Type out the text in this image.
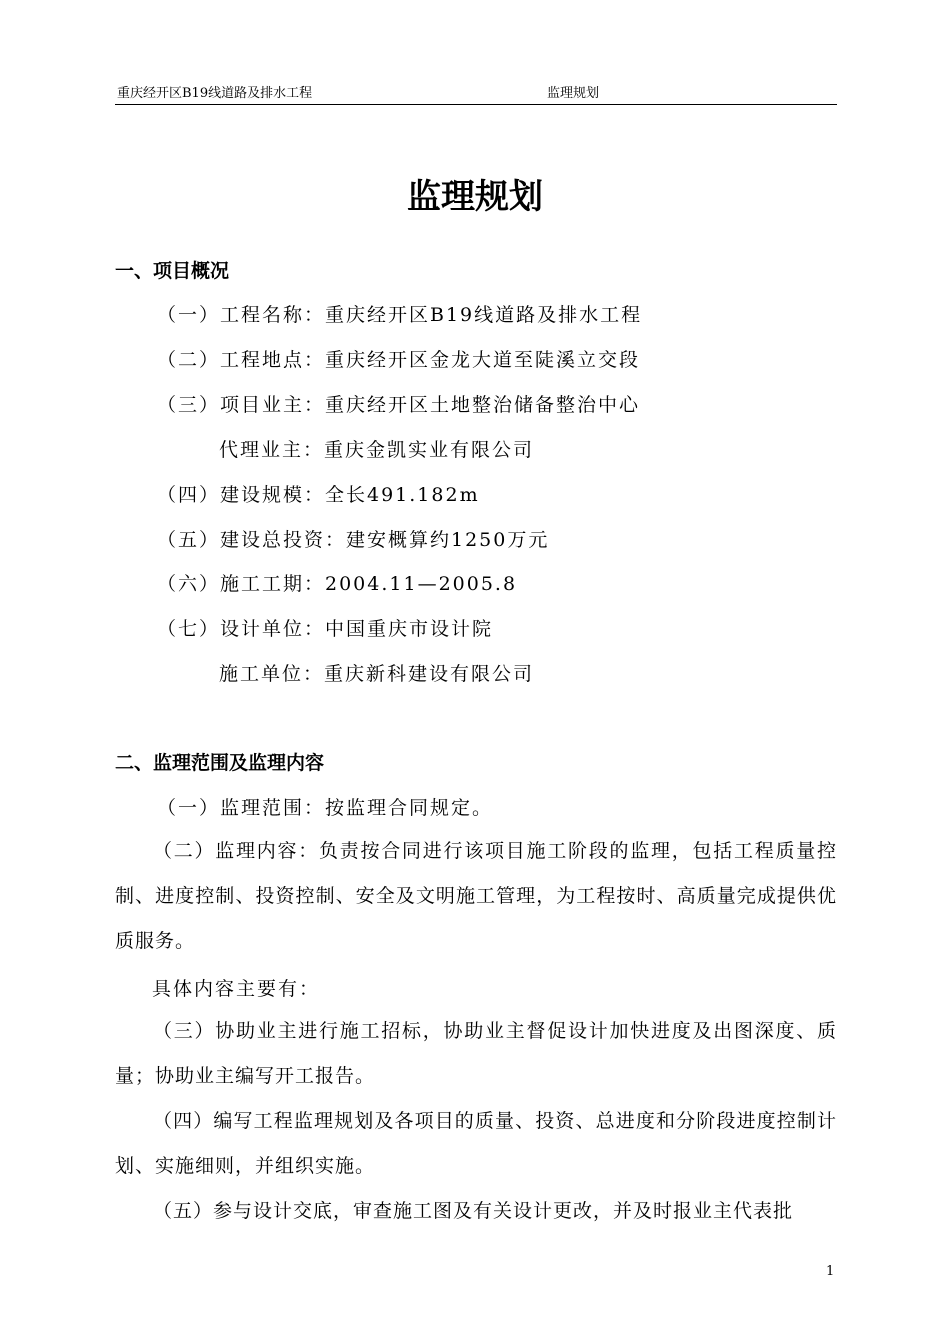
重庆经开区B19线道路及排水工程	监理规划
监理规划
一、项目概况
（一）工程名称：重庆经开区B19线道路及排水工程
（二）工程地点：重庆经开区金龙大道至陡溪立交段
（三）项目业主：重庆经开区土地整治储备整治中心
代理业主：重庆金凯实业有限公司
（四）建设规模：全长491.182m
（五）建设总投资：建安概算约1250万元
（六）施工工期：2004.11—2005.8
（七）设计单位：中国重庆市设计院
施工单位：重庆新科建设有限公司
二、监理范围及监理内容
（一）监理范围：按监理合同规定。
（二）监理内容：负责按合同进行该项目施工阶段的监理，包括工程质量控制、进度控制、投资控制、安全及文明施工管理，为工程按时、高质量完成提供优质服务。
具体内容主要有：
（三）协助业主进行施工招标，协助业主督促设计加快进度及出图深度、质量；协助业主编写开工报告。
（四）编写工程监理规划及各项目的质量、投资、总进度和分阶段进度控制计划、实施细则，并组织实施。
（五）参与设计交底，审查施工图及有关设计更改，并及时报业主代表批
1
